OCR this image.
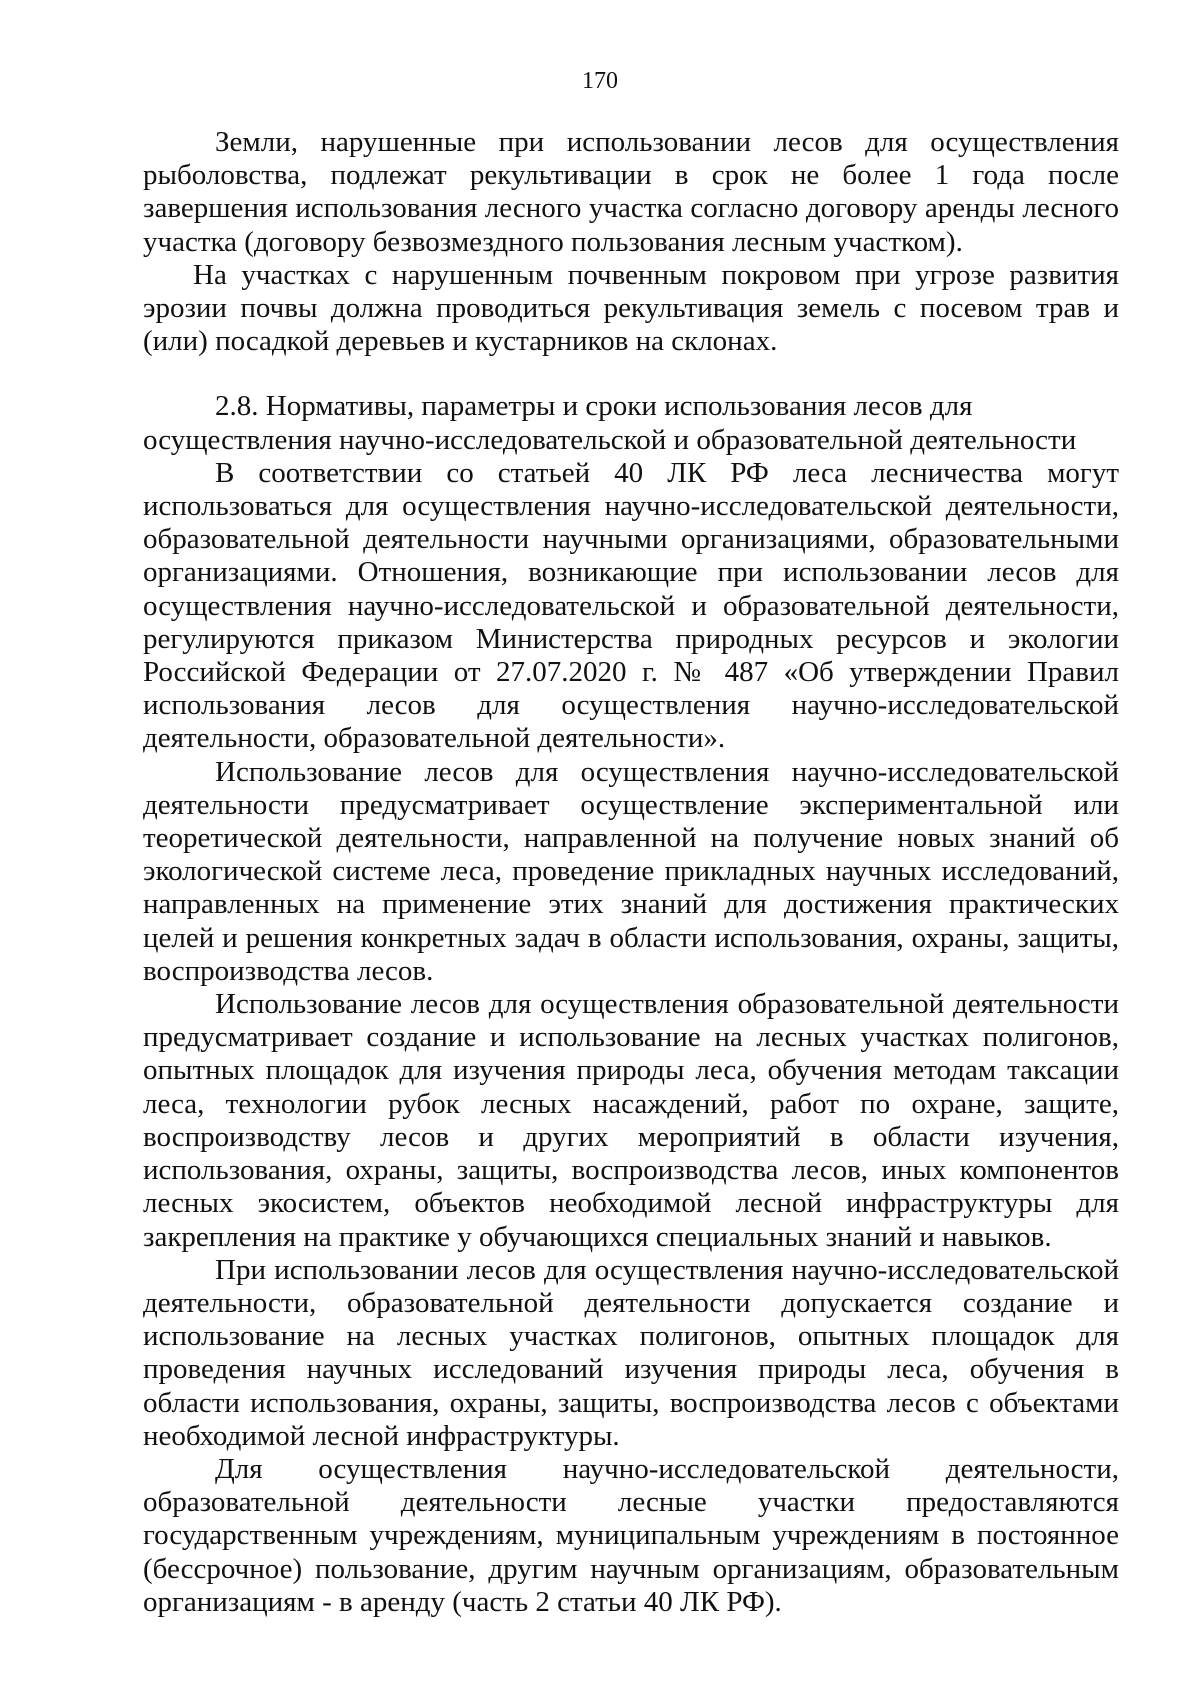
170

Земли, нарушенные при использовании лесов для осуществления рыболовства, подлежат рекультивации в срок не более 1 года после завершения использования лесного участка согласно договору аренды лесного участка (договору безвозмездного пользования лесным участком).

На участках с нарушенным почвенным покровом при угрозе развития эрозии почвы должна проводиться рекультивация земель с посевом трав и (или) посадкой деревьев и кустарников на склонах.

2.8. Нормативы, параметры и сроки использования лесов для осуществления научно-исследовательской и образовательной деятельности

В соответствии со статьей 40 ЛК РФ леса лесничества могут использоваться для осуществления научно-исследовательской деятельности, образовательной деятельности научными организациями, образовательными организациями. Отношения, возникающие при использовании лесов для осуществления научно-исследовательской и образовательной деятельности, регулируются приказом Министерства природных ресурсов и экологии Российской Федерации от 27.07.2020 г. № 487 «Об утверждении Правил использования лесов для осуществления научно-исследовательской деятельности, образовательной деятельности».

Использование лесов для осуществления научно-исследовательской деятельности предусматривает осуществление экспериментальной или теоретической деятельности, направленной на получение новых знаний об экологической системе леса, проведение прикладных научных исследований, направленных на применение этих знаний для достижения практических целей и решения конкретных задач в области использования, охраны, защиты, воспроизводства лесов.

Использование лесов для осуществления образовательной деятельности предусматривает создание и использование на лесных участках полигонов, опытных площадок для изучения природы леса, обучения методам таксации леса, технологии рубок лесных насаждений, работ по охране, защите, воспроизводству лесов и других мероприятий в области изучения, использования, охраны, защиты, воспроизводства лесов, иных компонентов лесных экосистем, объектов необходимой лесной инфраструктуры для закрепления на практике у обучающихся специальных знаний и навыков.

При использовании лесов для осуществления научно-исследовательской деятельности, образовательной деятельности допускается создание и использование на лесных участках полигонов, опытных площадок для проведения научных исследований изучения природы леса, обучения в области использования, охраны, защиты, воспроизводства лесов с объектами необходимой лесной инфраструктуры.

Для осуществления научно-исследовательской деятельности, образовательной деятельности лесные участки предоставляются государственным учреждениям, муниципальным учреждениям в постоянное (бессрочное) пользование, другим научным организациям, образовательным организациям - в аренду (часть 2 статьи 40 ЛК РФ).
